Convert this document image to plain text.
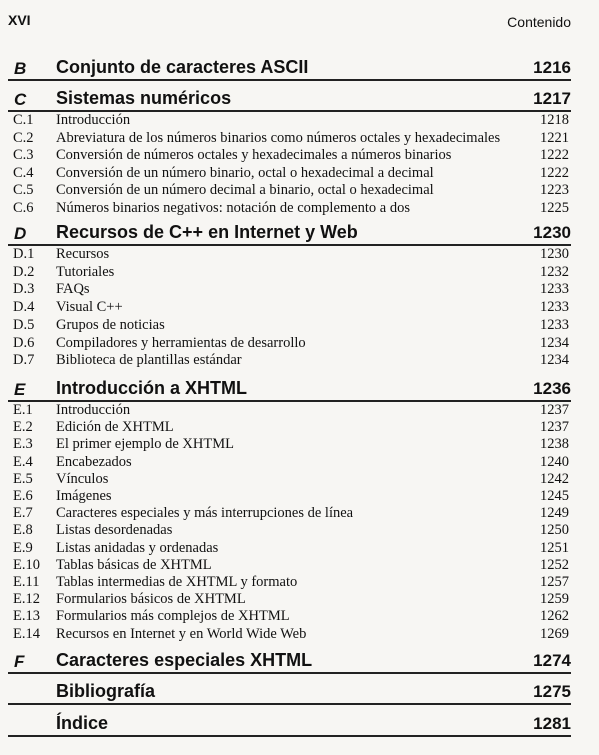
XVI	Contenido
B Conjunto de caracteres ASCII	1216
C Sistemas numéricos	1217
C.1 Introducción	1218
C.2 Abreviatura de los números binarios como números octales y hexadecimales	1221
C.3 Conversión de números octales y hexadecimales a números binarios	1222
C.4 Conversión de un número binario, octal o hexadecimal a decimal	1222
C.5 Conversión de un número decimal a binario, octal o hexadecimal	1223
C.6 Números binarios negativos: notación de complemento a dos	1225
D Recursos de C++ en Internet y Web	1230
D.1 Recursos	1230
D.2 Tutoriales	1232
D.3 FAQs	1233
D.4 Visual C++	1233
D.5 Grupos de noticias	1233
D.6 Compiladores y herramientas de desarrollo	1234
D.7 Biblioteca de plantillas estándar	1234
E Introducción a XHTML	1236
E.1 Introducción	1237
E.2 Edición de XHTML	1237
E.3 El primer ejemplo de XHTML	1238
E.4 Encabezados	1240
E.5 Vínculos	1242
E.6 Imágenes	1245
E.7 Caracteres especiales y más interrupciones de línea	1249
E.8 Listas desordenadas	1250
E.9 Listas anidadas y ordenadas	1251
E.10 Tablas básicas de XHTML	1252
E.11 Tablas intermedias de XHTML y formato	1257
E.12 Formularios básicos de XHTML	1259
E.13 Formularios más complejos de XHTML	1262
E.14 Recursos en Internet y en World Wide Web	1269
F Caracteres especiales XHTML	1274
Bibliografía	1275
Índice	1281
